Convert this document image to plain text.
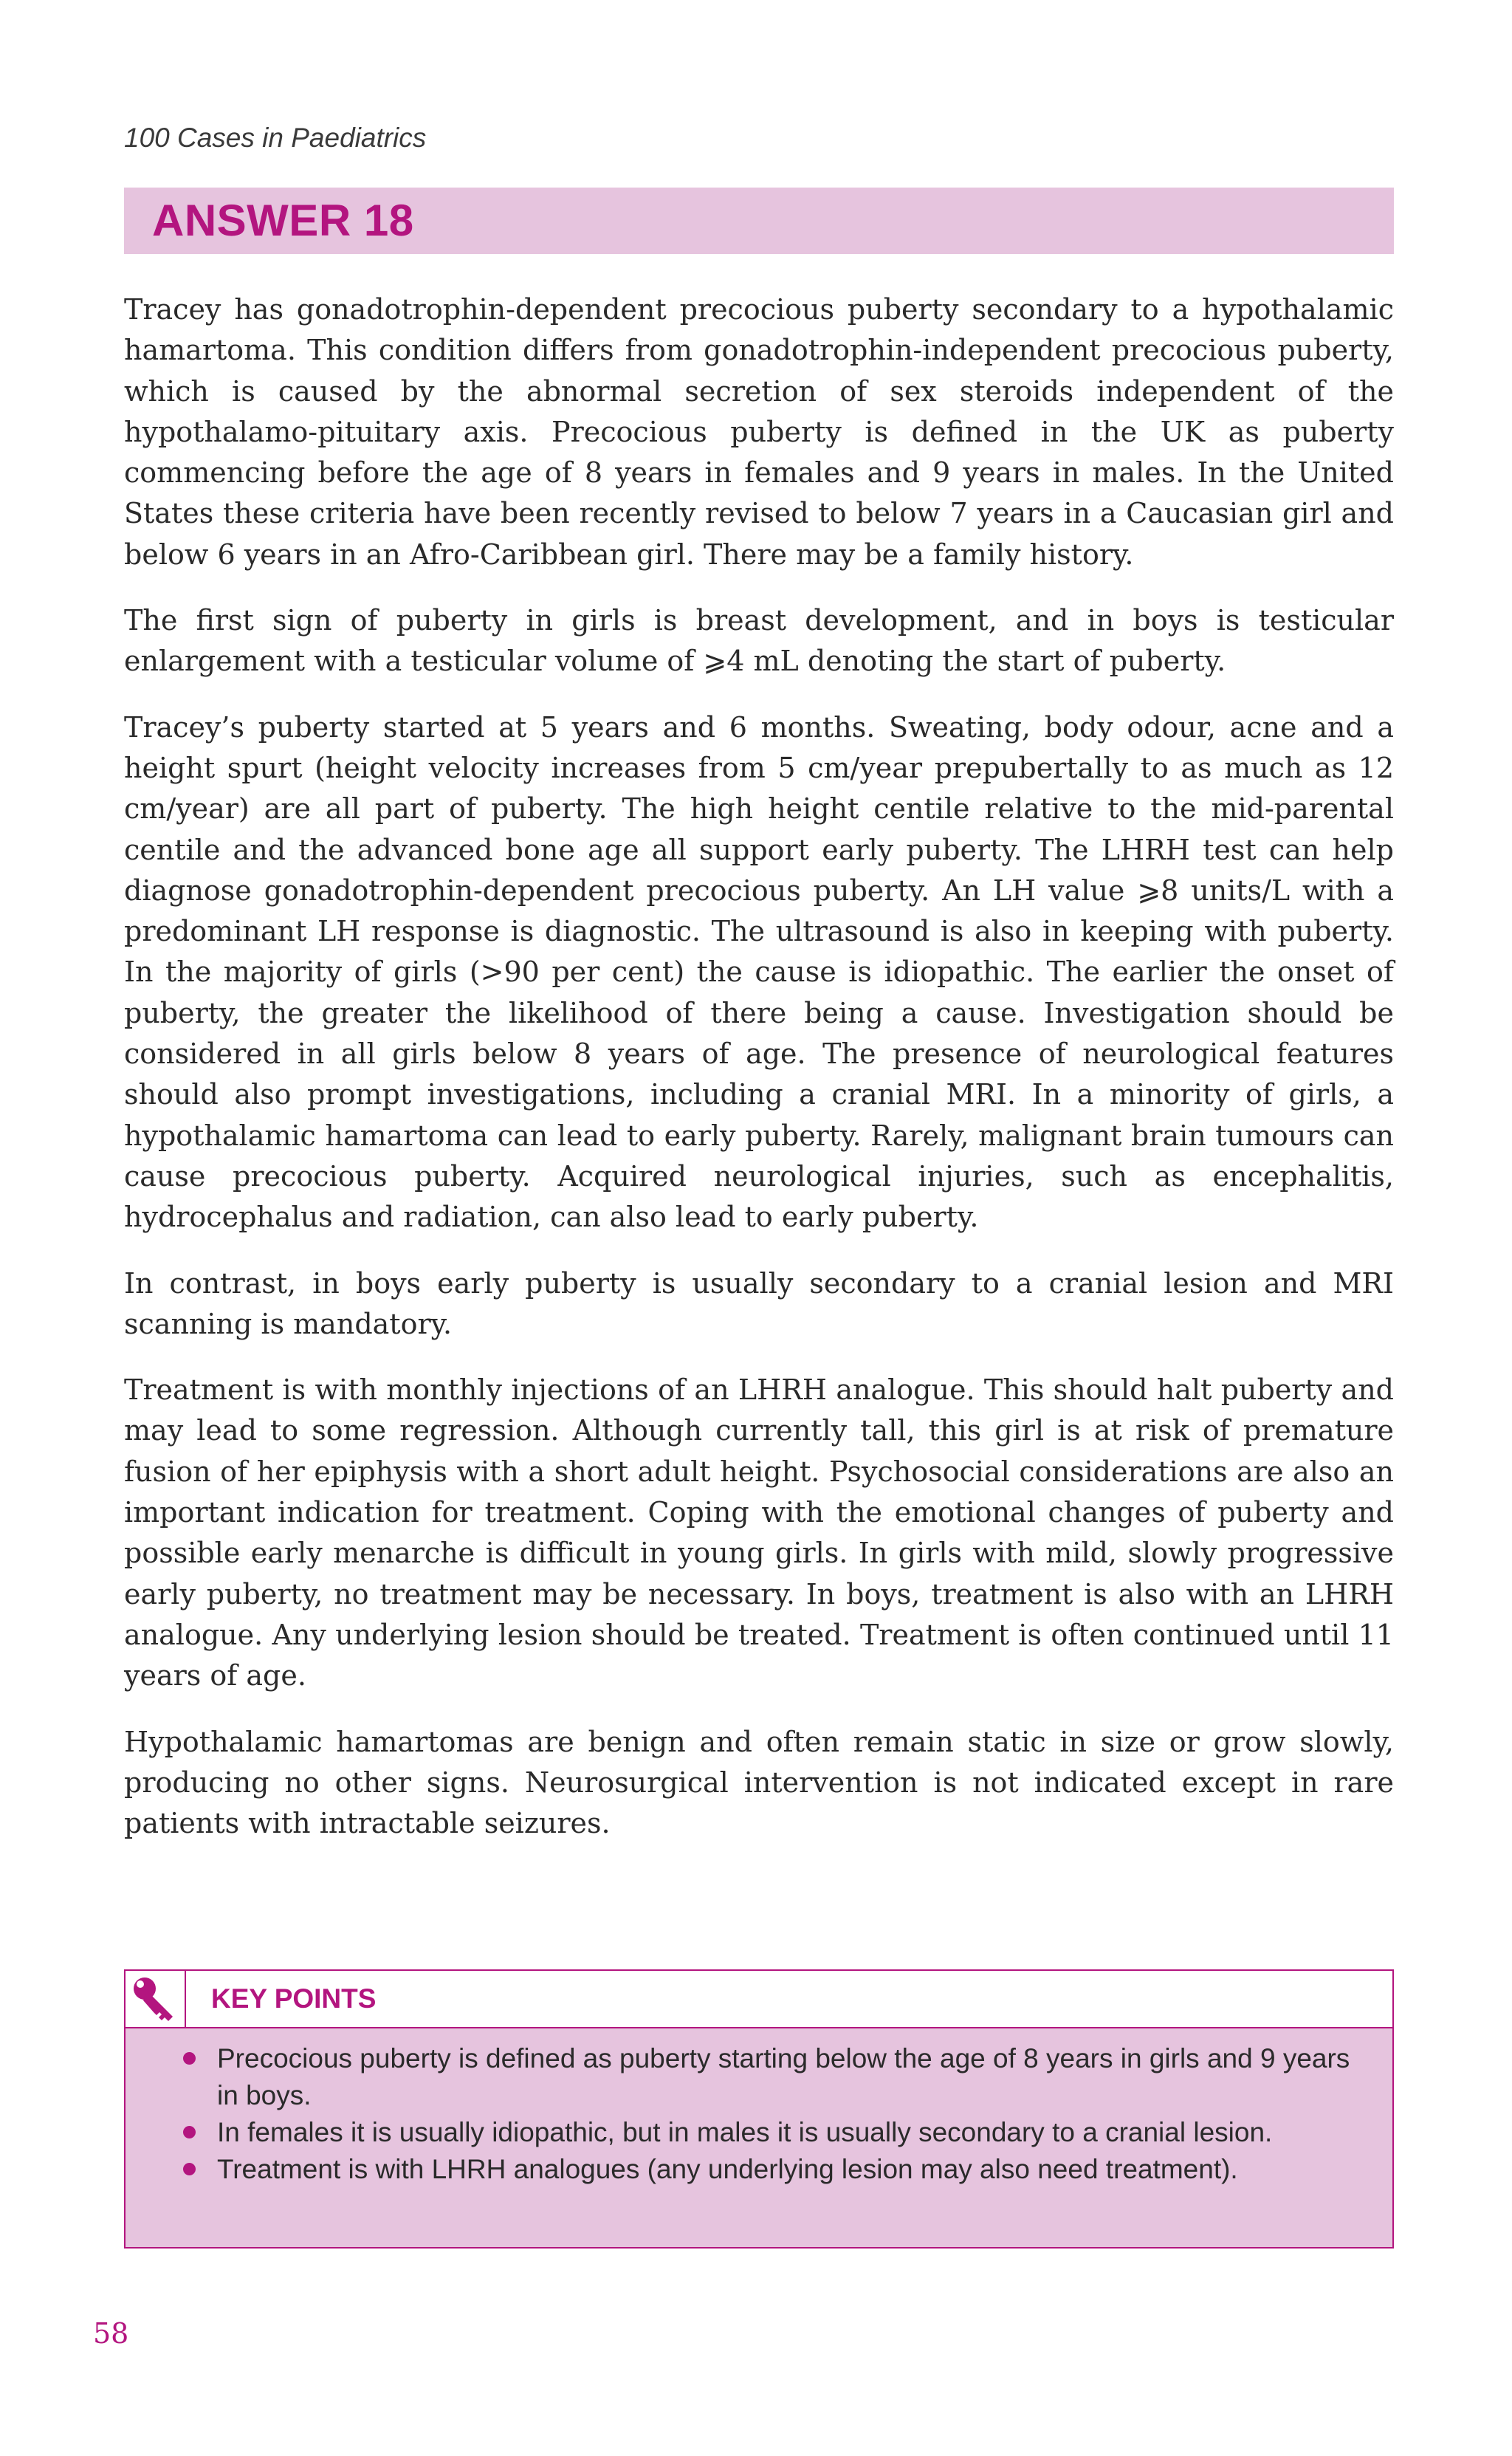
100 Cases in Paediatrics
ANSWER 18

Tracey has gonadotrophin-dependent precocious puberty secondary to a hypothalamic hamartoma. This condition differs from gonadotrophin-independent precocious puberty, which is caused by the abnormal secretion of sex steroids independent of the hypothalamo-pituitary axis. Precocious puberty is defined in the UK as puberty commencing before the age of 8 years in females and 9 years in males. In the United States these criteria have been recently revised to below 7 years in a Caucasian girl and below 6 years in an Afro-Caribbean girl. There may be a family history.

The first sign of puberty in girls is breast development, and in boys is testicular enlargement with a testicular volume of ⩾4 mL denoting the start of puberty.

Tracey’s puberty started at 5 years and 6 months. Sweating, body odour, acne and a height spurt (height velocity increases from 5 cm/year prepubertally to as much as 12 cm/year) are all part of puberty. The high height centile relative to the mid-parental centile and the advanced bone age all support early puberty. The LHRH test can help diagnose gonadotrophin-dependent precocious puberty. An LH value ⩾8 units/L with a predominant LH response is diagnostic. The ultrasound is also in keeping with puberty. In the majority of girls (>90 per cent) the cause is idiopathic. The earlier the onset of puberty, the greater the likelihood of there being a cause. Investigation should be considered in all girls below 8 years of age. The presence of neurological features should also prompt investigations, including a cranial MRI. In a minority of girls, a hypothalamic hamartoma can lead to early puberty. Rarely, malignant brain tumours can cause precocious puberty. Acquired neurological injuries, such as encephalitis, hydrocephalus and radiation, can also lead to early puberty.

In contrast, in boys early puberty is usually secondary to a cranial lesion and MRI scanning is mandatory.

Treatment is with monthly injections of an LHRH analogue. This should halt puberty and may lead to some regression. Although currently tall, this girl is at risk of premature fusion of her epiphysis with a short adult height. Psychosocial considerations are also an important indication for treatment. Coping with the emotional changes of puberty and possible early menarche is difficult in young girls. In girls with mild, slowly progressive early puberty, no treatment may be necessary. In boys, treatment is also with an LHRH analogue. Any underlying lesion should be treated. Treatment is often continued until 11 years of age.

Hypothalamic hamartomas are benign and often remain static in size or grow slowly, producing no other signs. Neurosurgical intervention is not indicated except in rare patients with intractable seizures.

KEY POINTS
Precocious puberty is defined as puberty starting below the age of 8 years in girls and 9 years in boys.
In females it is usually idiopathic, but in males it is usually secondary to a cranial lesion.
Treatment is with LHRH analogues (any underlying lesion may also need treatment).
58
